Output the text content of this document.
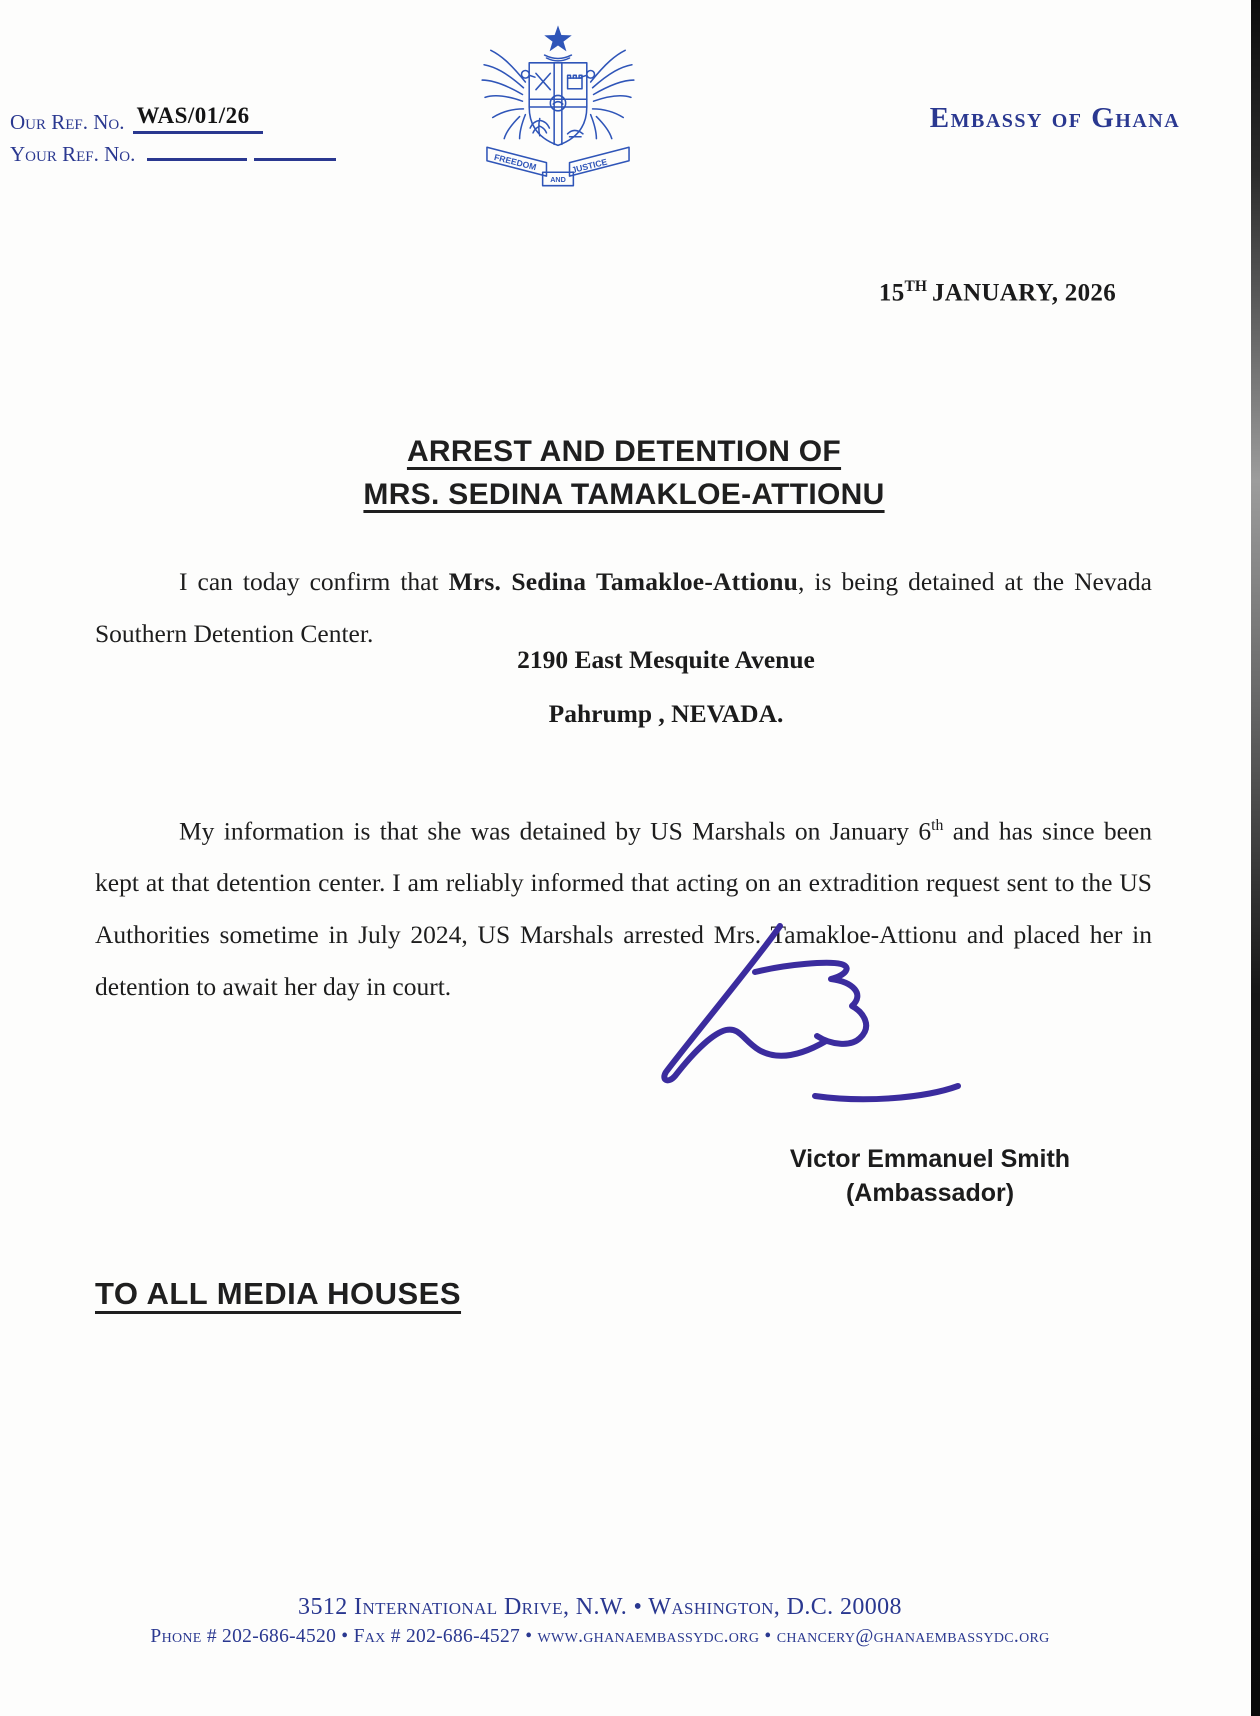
Our Ref. No. WAS/01/26
Your Ref. No.	FREEDOM	JUSTICE
AND
Embassy of Ghana
15TH JANUARY, 2026
ARREST AND DETENTION OF
MRS. SEDINA TAMAKLOE-ATTIONU

I can today confirm that Mrs. Sedina Tamakloe-Attionu, is being detained at the Nevada Southern Detention Center.

2190 East Mesquite Avenue
Pahrump , NEVADA.

My information is that she was detained by US Marshals on January 6th and has since been kept at that detention center. I am reliably informed that acting on an extradition request sent to the US Authorities sometime in July 2024, US Marshals arrested Mrs. Tamakloe-Attionu and placed her in detention to await her day in court.

Victor Emmanuel Smith
(Ambassador)
TO ALL MEDIA HOUSES
3512 International Drive, N.W. • Washington, D.C. 20008
Phone # 202-686-4520 • Fax # 202-686-4527 • www.ghanaembassydc.org • chancery@ghanaembassydc.org
